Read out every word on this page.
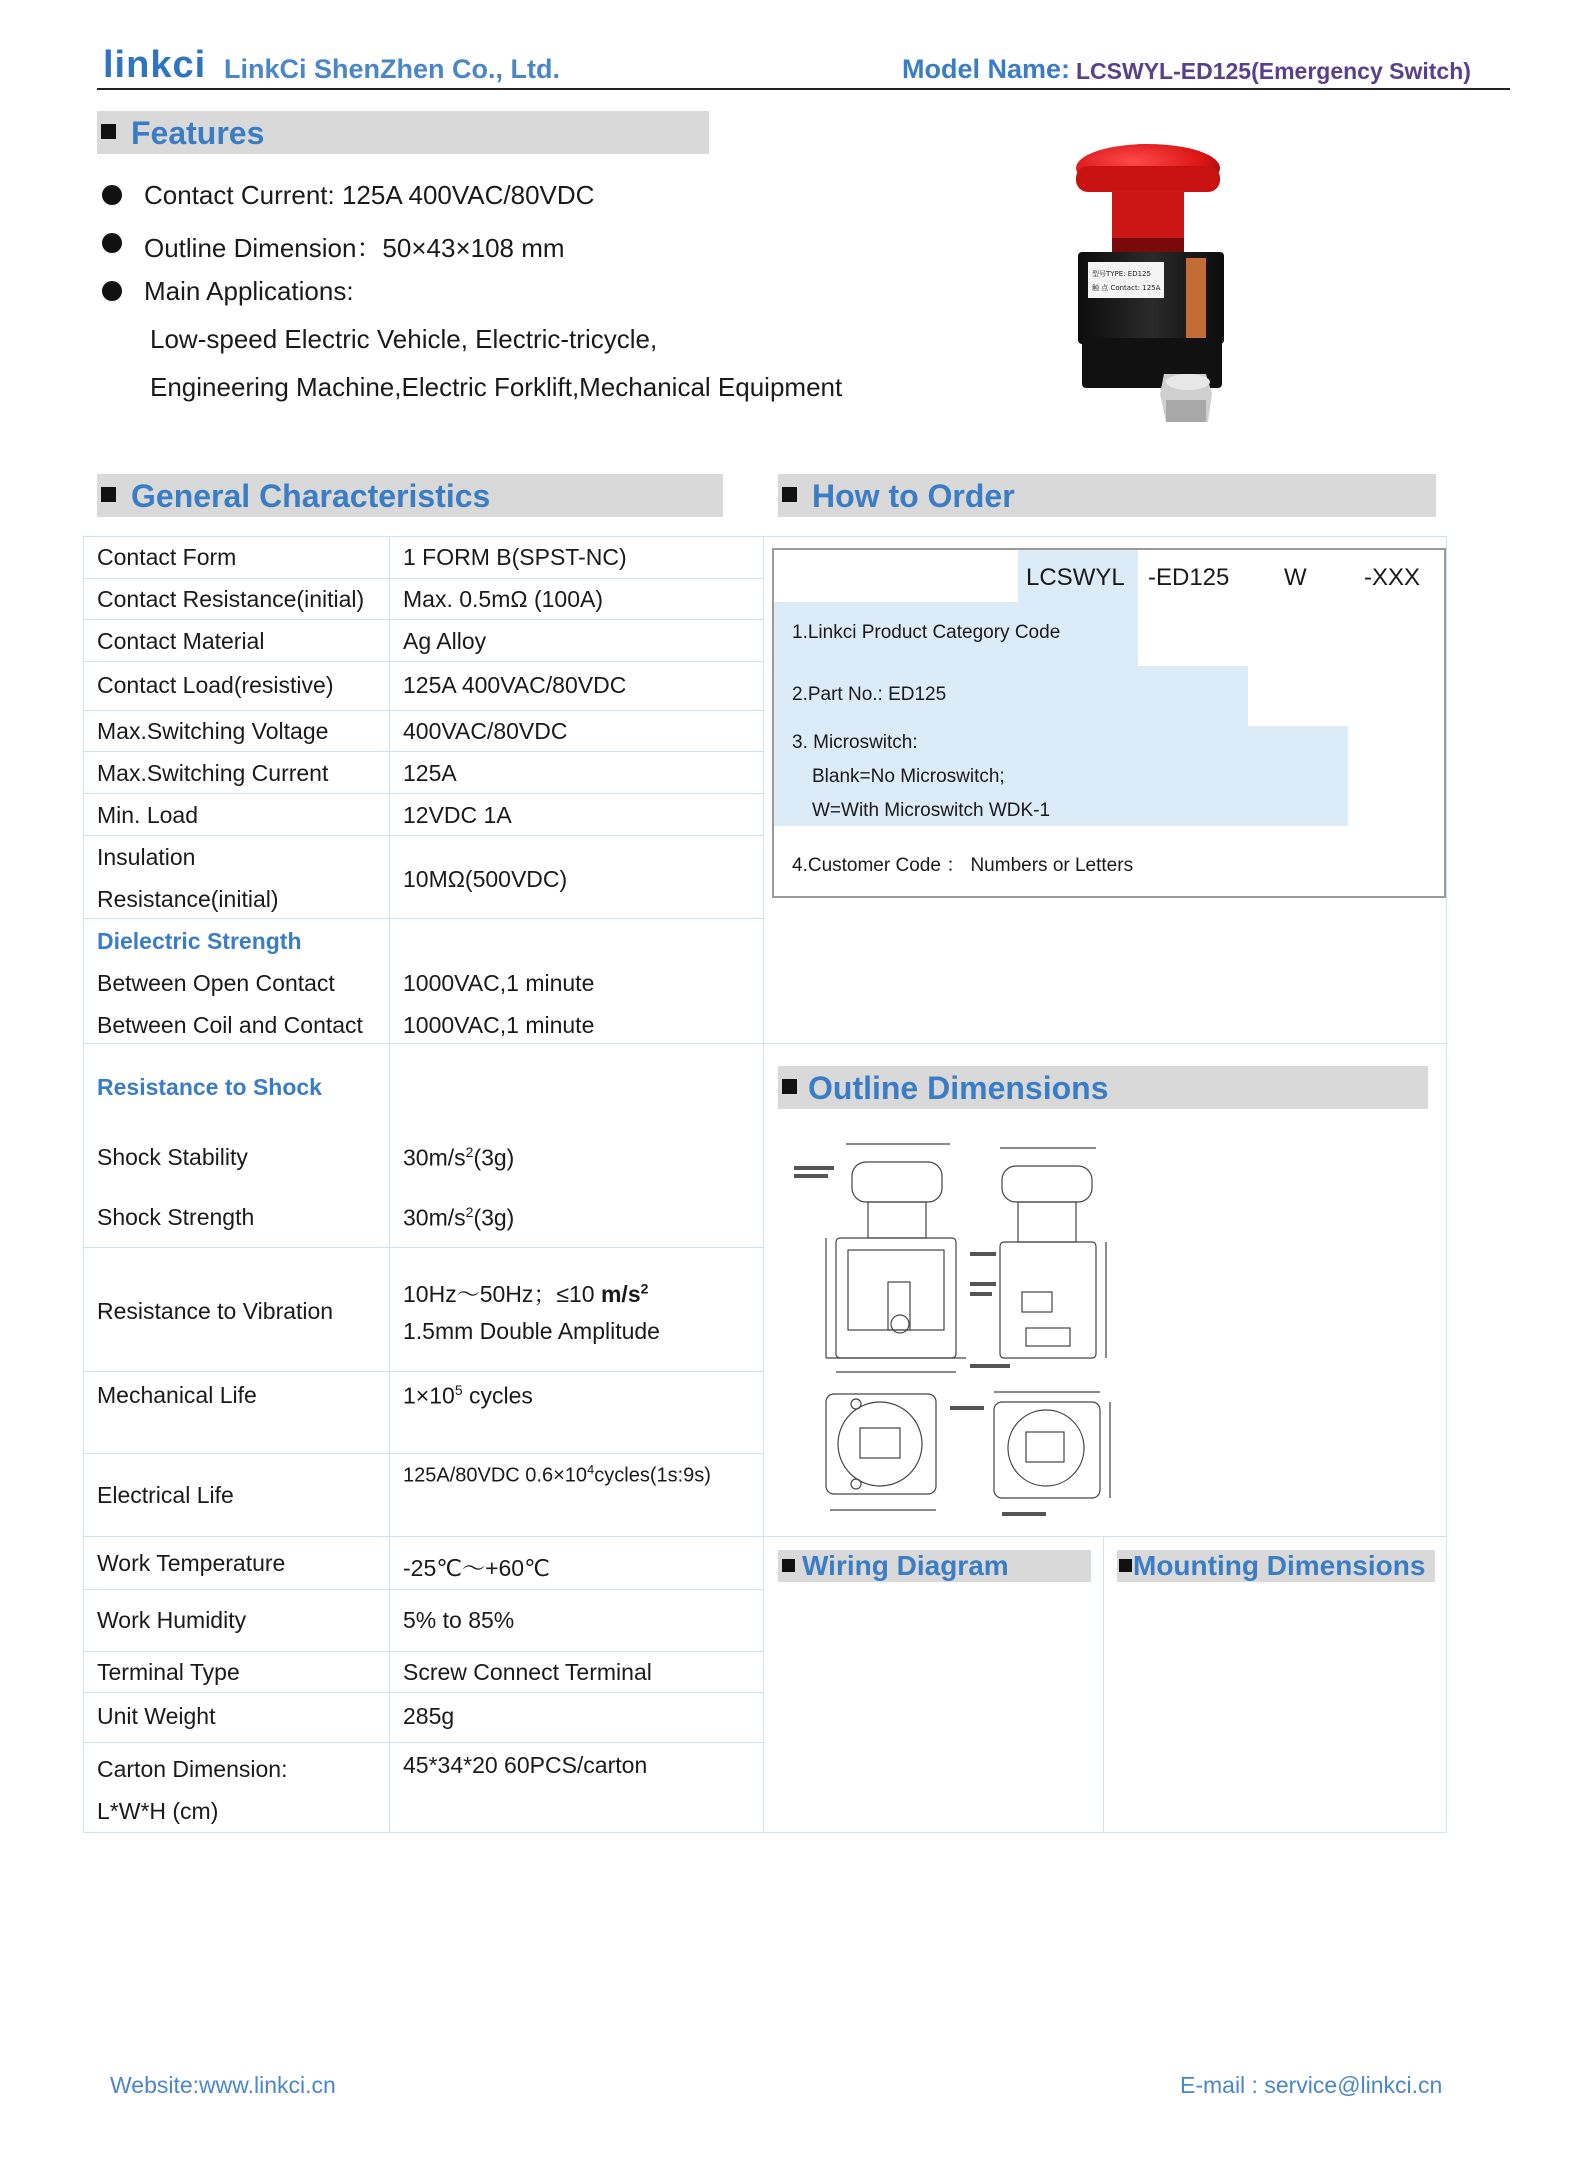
linkci LinkCi ShenZhen Co., Ltd.	Model Name: LCSWYL-ED125(Emergency Switch)
Features
Contact Current: 125A 400VAC/80VDC
Outline Dimension：50×43×108 mm
Main Applications:
Low-speed Electric Vehicle, Electric-tricycle,
Engineering Machine,Electric Forklift,Mechanical Equipment
型号TYPE: ED125
触 点 Contact: 125A
General Characteristics	How to Order
Contact Form	1 FORM B(SPST-NC)
Contact Resistance(initial) Max. 0.5mΩ (100A)
Contact Material	Ag Alloy
Contact Load(resistive)	125A 400VAC/80VDC
Max.Switching Voltage	400VAC/80VDC
Max.Switching Current	125A
Min. Load	12VDC 1A
Insulation
Resistance(initial)
10MΩ(500VDC)
Dielectric Strength
Between Open Contact	1000VAC,1 minute
Between Coil and Contact 1000VAC,1 minute
Resistance to Shock
Shock Stability	$30m/s^2(3g)$
Shock Strength	$30m/s^2(3g)$
Resistance to Vibration
10Hz～50Hz；≤10 $m/s^2$
1.5mm Double Amplitude
Mechanical Life	$1\times 10^5$ cycles
Electrical Life
125A/80VDC $0.6\times 10^4cycles(1s:9s)$
Work Temperature	-25℃～+60℃
Work Humidity	5% to 85%
Terminal Type	Screw Connect Terminal
Unit Weight	285g
Carton Dimension:
L*W*H (cm)
45*34*20 60PCS/carton
LCSWYL -ED125 W -XXX
1.Linkci Product Category Code
2.Part No.: ED125
3. Microswitch:
Blank=No Microswitch;
W=With Microswitch WDK-1
4.Customer Code ： Numbers or Letters
Outline Dimensions
Wiring Diagram	Mounting Dimensions
Website:www.linkci.cn	E-mail : service@linkci.cn
